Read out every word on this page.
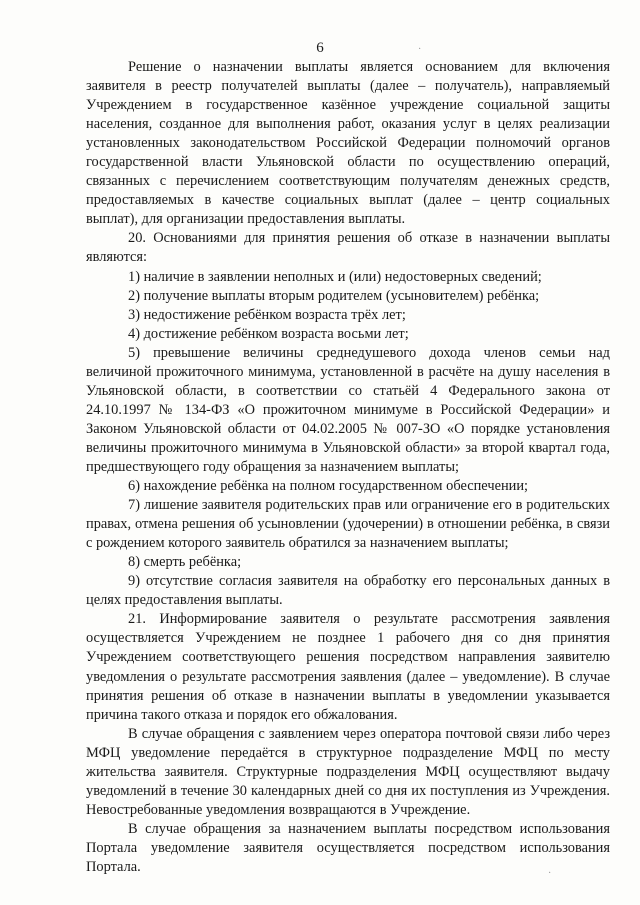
6	·
·

Решение о назначении выплаты является основанием для включения заявителя в реестр получателей выплаты (далее – получатель), направляемый Учреждением в государственное казённое учреждение социальной защиты населения, созданное для выполнения работ, оказания услуг в целях реализации установленных законодательством Российской Федерации полномочий органов государственной власти Ульяновской области по осуществлению операций, связанных с перечислением соответствующим получателям денежных средств, предоставляемых в качестве социальных выплат (далее – центр социальных выплат), для организации предоставления выплаты.

20. Основаниями для принятия решения об отказе в назначении выплаты являются:

1) наличие в заявлении неполных и (или) недостоверных сведений;

2) получение выплаты вторым родителем (усыновителем) ребёнка;

3) недостижение ребёнком возраста трёх лет;

4) достижение ребёнком возраста восьми лет;

5) превышение величины среднедушевого дохода членов семьи над величиной прожиточного минимума, установленной в расчёте на душу населения в Ульяновской области, в соответствии со статьёй 4 Федерального закона от 24.10.1997 № 134-ФЗ «О прожиточном минимуме в Российской Федерации» и Законом Ульяновской области от 04.02.2005 № 007-ЗО «О порядке установления величины прожиточного минимума в Ульяновской области» за второй квартал года, предшествующего году обращения за назначением выплаты;

6) нахождение ребёнка на полном государственном обеспечении;

7) лишение заявителя родительских прав или ограничение его в родительских правах, отмена решения об усыновлении (удочерении) в отношении ребёнка, в связи с рождением которого заявитель обратился за назначением выплаты;

8) смерть ребёнка;

9) отсутствие согласия заявителя на обработку его персональных данных в целях предоставления выплаты.

21. Информирование заявителя о результате рассмотрения заявления осуществляется Учреждением не позднее 1 рабочего дня со дня принятия Учреждением соответствующего решения посредством направления заявителю уведомления о результате рассмотрения заявления (далее – уведомление). В случае принятия решения об отказе в назначении выплаты в уведомлении указывается причина такого отказа и порядок его обжалования.

В случае обращения с заявлением через оператора почтовой связи либо через МФЦ уведомление передаётся в структурное подразделение МФЦ по месту жительства заявителя. Структурные подразделения МФЦ осуществляют выдачу уведомлений в течение 30 календарных дней со дня их поступления из Учреждения. Невостребованные уведомления возвращаются в Учреждение.

В случае обращения за назначением выплаты посредством использования Портала уведомление заявителя осуществляется посредством использования Портала.
